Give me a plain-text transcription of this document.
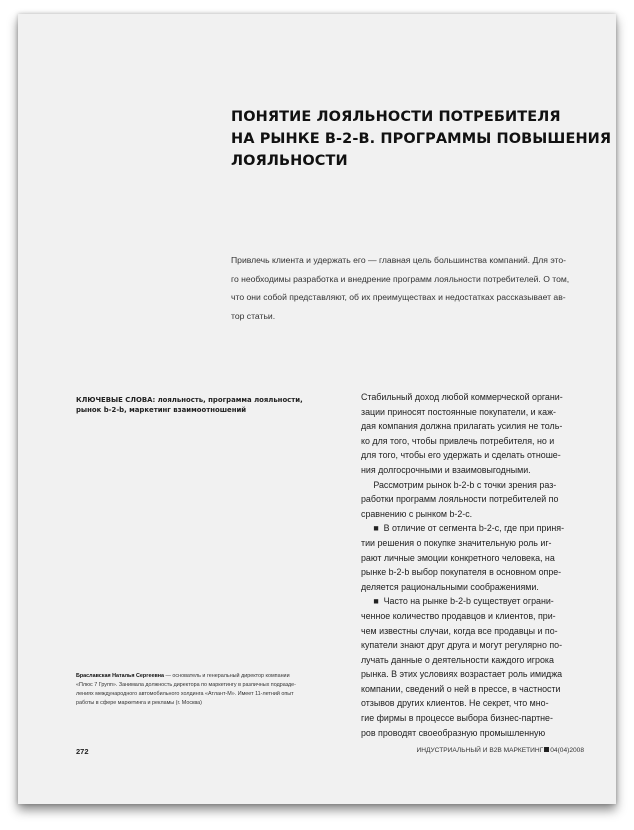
ПОНЯТИЕ ЛОЯЛЬНОСТИ ПОТРЕБИТЕЛЯ
НА РЫНКЕ B-2-B. ПРОГРАММЫ ПОВЫШЕНИЯ
ЛОЯЛЬНОСТИ
Привлечь клиента и удержать его — главная цель большинства компаний. Для это-
го необходимы разработка и внедрение программ лояльности потребителей. О том,
что они собой представляют, об их преимуществах и недостатках рассказывает ав-
тор статьи.
КЛЮЧЕВЫЕ СЛОВА: лояльность, программа лояльности,
рынок b-2-b, маркетинг взаимоотношений
Стабильный доход любой коммерческой органи-
зации приносят постоянные покупатели, и каж-
дая компания должна прилагать усилия не толь-
ко для того, чтобы привлечь потребителя, но и
для того, чтобы его удержать и сделать отноше-
ния долгосрочными и взаимовыгодными.
Рассмотрим рынок b-2-b с точки зрения раз-
работки программ лояльности потребителей по
сравнению с рынком b-2-c.
■  В отличие от сегмента b-2-c, где при приня-
тии решения о покупке значительную роль иг-
рают личные эмоции конкретного человека, на
рынке b-2-b выбор покупателя в основном опре-
деляется рациональными соображениями.
■  Часто на рынке b-2-b существует ограни-
ченное количество продавцов и клиентов, при-
чем известны случаи, когда все продавцы и по-
купатели знают друг друга и могут регулярно по-
лучать данные о деятельности каждого игрока
рынка. В этих условиях возрастает роль имиджа
компании, сведений о ней в прессе, в частности
отзывов других клиентов. Не секрет, что мно-
гие фирмы в процессе выбора бизнес-партне-
ров проводят своеобразную промышленную
Браславская Наталья Сергеевна — основатель и генеральный директор компании
«Плюс 7 Групп». Занимала должность директора по маркетингу в различных подразде-
лениях международного автомобильного холдинга «Атлант-М». Имеет 11-летний опыт
работы в сфере маркетинга и рекламы (г. Москва)
272	ИНДУСТРИАЛЬНЫЙ И B2B МАРКЕТИНГ 04(04)2008
